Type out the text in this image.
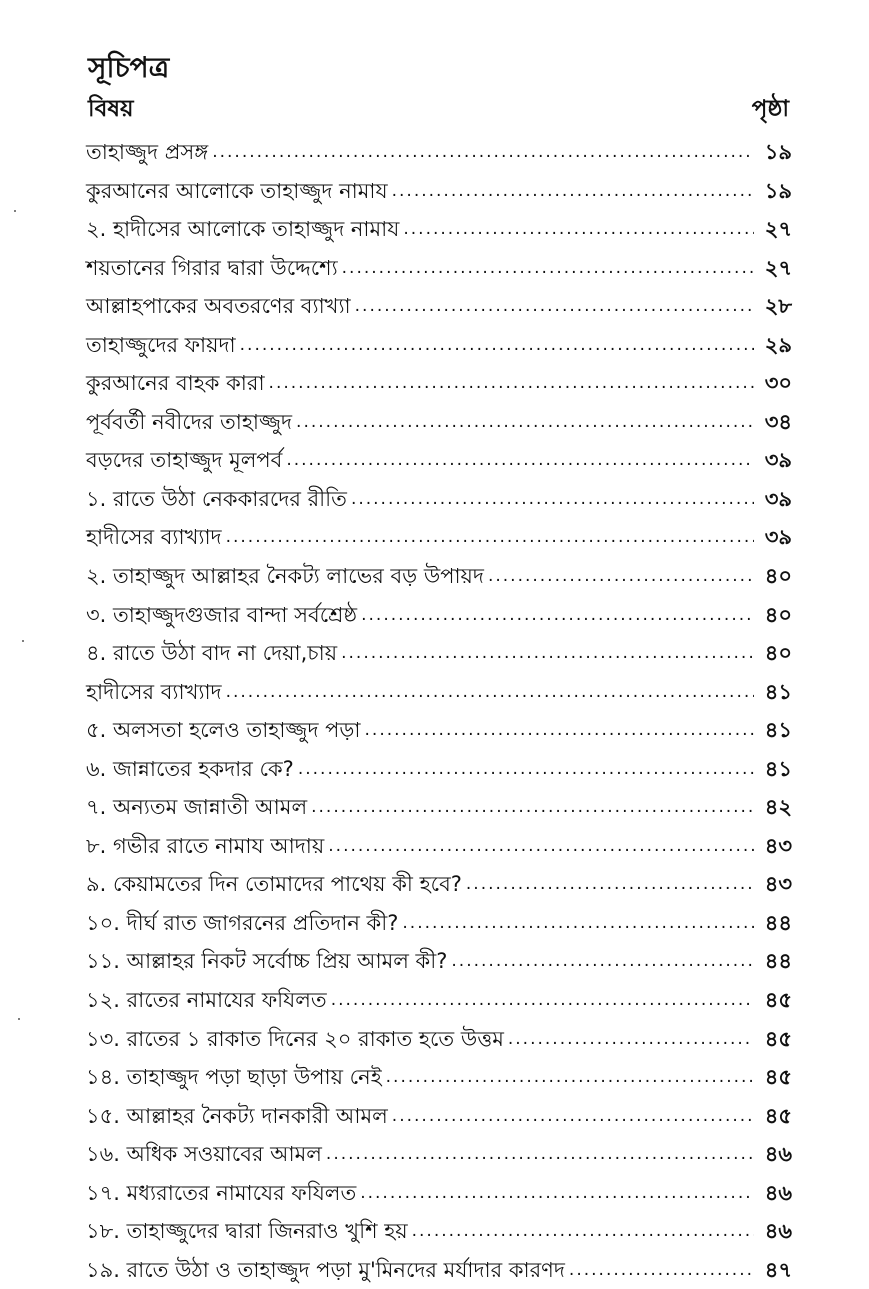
সূচিপত্র
বিষয়	পৃষ্ঠা
তাহাজ্জুদ প্রসঙ্গ .....	১৯
কুরআনের আলোকে তাহাজ্জুদ নামায .....	১৯
২. হাদীসের আলোকে তাহাজ্জুদ নামায .....	২৭
শয়তানের গিরার দ্বারা উদ্দেশ্যে .....	২৭
আল্লাহপাকের অবতরণের ব্যাখ্যা .....	২৮
তাহাজ্জুদের ফায়দা .....	২৯
কুরআনের বাহক কারা .....	৩০
পূর্ববর্তী নবীদের তাহাজ্জুদ .....	৩৪
বড়দের তাহাজ্জুদ মূলপর্ব .....	৩৯
১. রাতে উঠা নেককারদের রীতি .....	৩৯
হাদীসের ব্যাখ্যাদ .....	৩৯
২. তাহাজ্জুদ আল্লাহর নৈকট্য লাভের বড় উপায়দ .....	৪০
৩. তাহাজ্জুদগুজার বান্দা সর্বশ্রেষ্ঠ .....	৪০
৪. রাতে উঠা বাদ না দেয়া,চায় .....	৪০
হাদীসের ব্যাখ্যাদ .....	৪১
৫. অলসতা হলেও তাহাজ্জুদ পড়া .....	৪১
৬. জান্নাতের হকদার কে? .....	৪১
৭. অন্যতম জান্নাতী আমল .....	৪২
৮. গভীর রাতে নামায আদায় .....	৪৩
৯. কেয়ামতের দিন তোমাদের পাথেয় কী হবে? .....	৪৩
১০. দীর্ঘ রাত জাগরনের প্রতিদান কী? .....	৪৪
১১. আল্লাহর নিকট সর্বোচ্চ প্রিয় আমল কী? .....	৪৪
১২. রাতের নামাযের ফযিলত .....	৪৫
১৩. রাতের ১ রাকাত দিনের ২০ রাকাত হতে উত্তম .....	৪৫
১৪. তাহাজ্জুদ পড়া ছাড়া উপায় নেই .....	৪৫
১৫. আল্লাহর নৈকট্য দানকারী আমল .....	৪৫
১৬. অধিক সওয়াবের আমল .....	৪৬
১৭. মধ্যরাতের নামাযের ফযিলত .....	৪৬
১৮. তাহাজ্জুদের দ্বারা জিনরাও খুশি হয় .....	৪৬
১৯. রাতে উঠা ও তাহাজ্জুদ পড়া মু'মিনদের মর্যাদার কারণদ .....	৪৭
